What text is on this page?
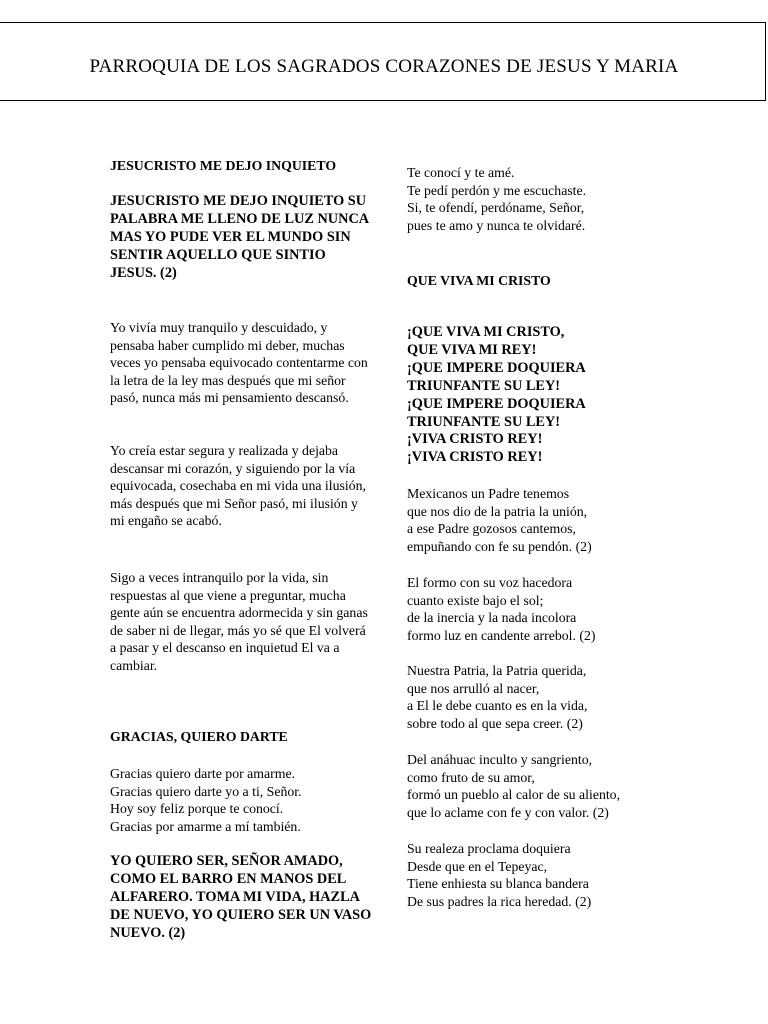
PARROQUIA DE LOS SAGRADOS CORAZONES DE JESUS Y MARIA
JESUCRISTO ME DEJO INQUIETO
JESUCRISTO ME DEJO INQUIETO SU PALABRA ME LLENO DE LUZ NUNCA MAS YO PUDE VER EL MUNDO SIN SENTIR AQUELLO QUE SINTIO JESUS. (2)
Yo vivía muy tranquilo y descuidado, y pensaba haber cumplido mi deber, muchas veces yo pensaba equivocado contentarme con la letra de la ley mas después que mi señor pasó, nunca más mi pensamiento descansó.
Yo creía estar segura y realizada y dejaba descansar mi corazón, y siguiendo por la vía equivocada, cosechaba en mi vida una ilusión, más después que mi Señor pasó, mi ilusión y mi engaño se acabó.
Sigo a veces intranquilo por la vida, sin respuestas al que viene a preguntar, mucha gente aún se encuentra adormecida y sin ganas de saber ni de llegar, más yo sé que El volverá a pasar y el descanso en inquietud El va a cambiar.
GRACIAS, QUIERO DARTE
Gracias quiero darte por amarme.
Gracias quiero darte yo a ti, Señor.
Hoy soy feliz porque te conocí.
Gracias por amarme a mí también.
YO QUIERO SER, SEÑOR AMADO, COMO EL BARRO EN MANOS DEL ALFARERO. TOMA MI VIDA, HAZLA DE NUEVO, YO QUIERO SER UN VASO NUEVO. (2)
Te conocí y te amé.
Te pedí perdón y me escuchaste.
Si, te ofendí, perdóname, Señor,
pues te amo y nunca te olvidaré.
QUE VIVA MI CRISTO
¡QUE VIVA MI CRISTO,
QUE VIVA MI REY!
¡QUE IMPERE DOQUIERA
TRIUNFANTE SU LEY!
¡QUE IMPERE DOQUIERA
TRIUNFANTE SU LEY!
¡VIVA CRISTO REY!
¡VIVA CRISTO REY!
Mexicanos un Padre tenemos
que nos dio de la patria la unión,
a ese Padre gozosos cantemos,
empuñando con fe su pendón. (2)
El formo con su voz hacedora
cuanto existe bajo el sol;
de la inercia y la nada incolora
formo luz en candente arrebol. (2)
Nuestra Patria, la Patria querida,
que nos arrulló al nacer,
a El le debe cuanto es en la vida,
sobre todo al que sepa creer. (2)
Del anáhuac inculto y sangriento,
como fruto de su amor,
formó un pueblo al calor de su aliento,
que lo aclame con fe y con valor. (2)
Su realeza proclama doquiera
Desde que en el Tepeyac,
Tiene enhiesta su blanca bandera
De sus padres la rica heredad. (2)
